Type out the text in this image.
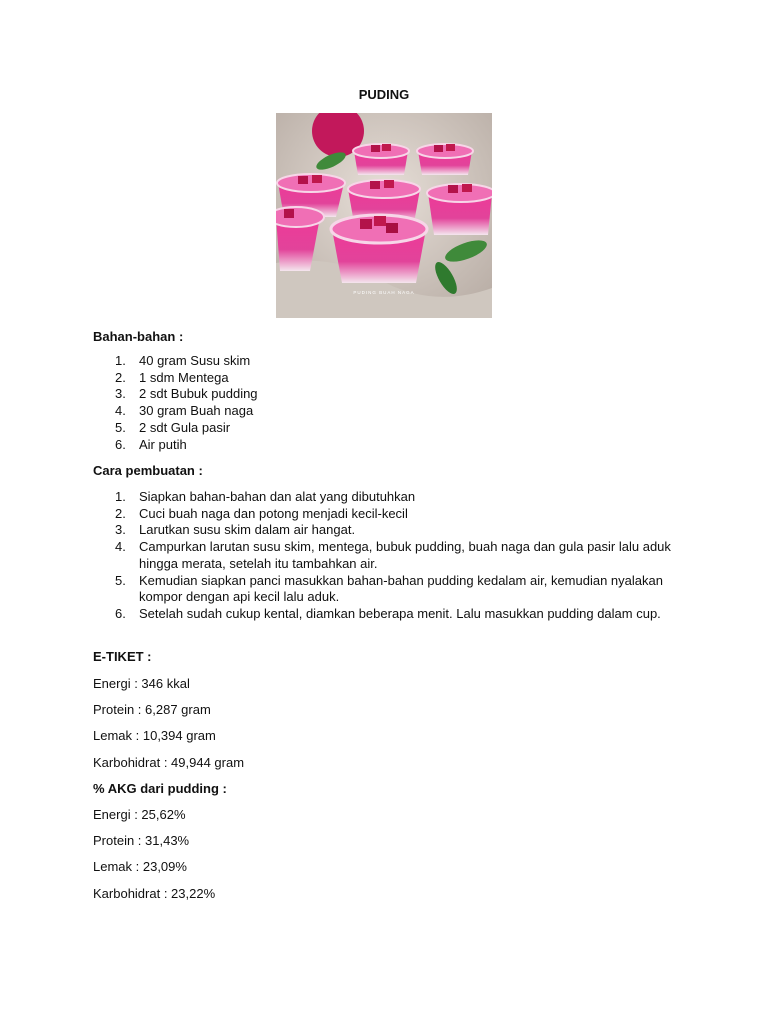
PUDING
PUDING BUAH NAGA

Bahan-bahan :

1. 40 gram Susu skim
2. 1 sdm Mentega
3. 2 sdt Bubuk pudding
4. 30 gram Buah naga
5. 2 sdt Gula pasir
6. Air putih

Cara pembuatan :

1. Siapkan bahan-bahan dan alat yang dibutuhkan
2. Cuci buah naga dan potong menjadi kecil-kecil
3. Larutkan susu skim dalam air hangat.
4. Campurkan larutan susu skim, mentega, bubuk pudding, buah naga dan gula pasir lalu aduk hingga merata, setelah itu tambahkan air.
5. Kemudian siapkan panci masukkan bahan-bahan pudding kedalam air, kemudian nyalakan kompor dengan api kecil lalu aduk.
6. Setelah sudah cukup kental, diamkan beberapa menit. Lalu masukkan pudding dalam cup.

E-TIKET :

Energi : 346 kkal

Protein : 6,287 gram

Lemak : 10,394 gram

Karbohidrat : 49,944 gram

% AKG dari pudding :

Energi : 25,62%

Protein : 31,43%

Lemak : 23,09%

Karbohidrat : 23,22%
